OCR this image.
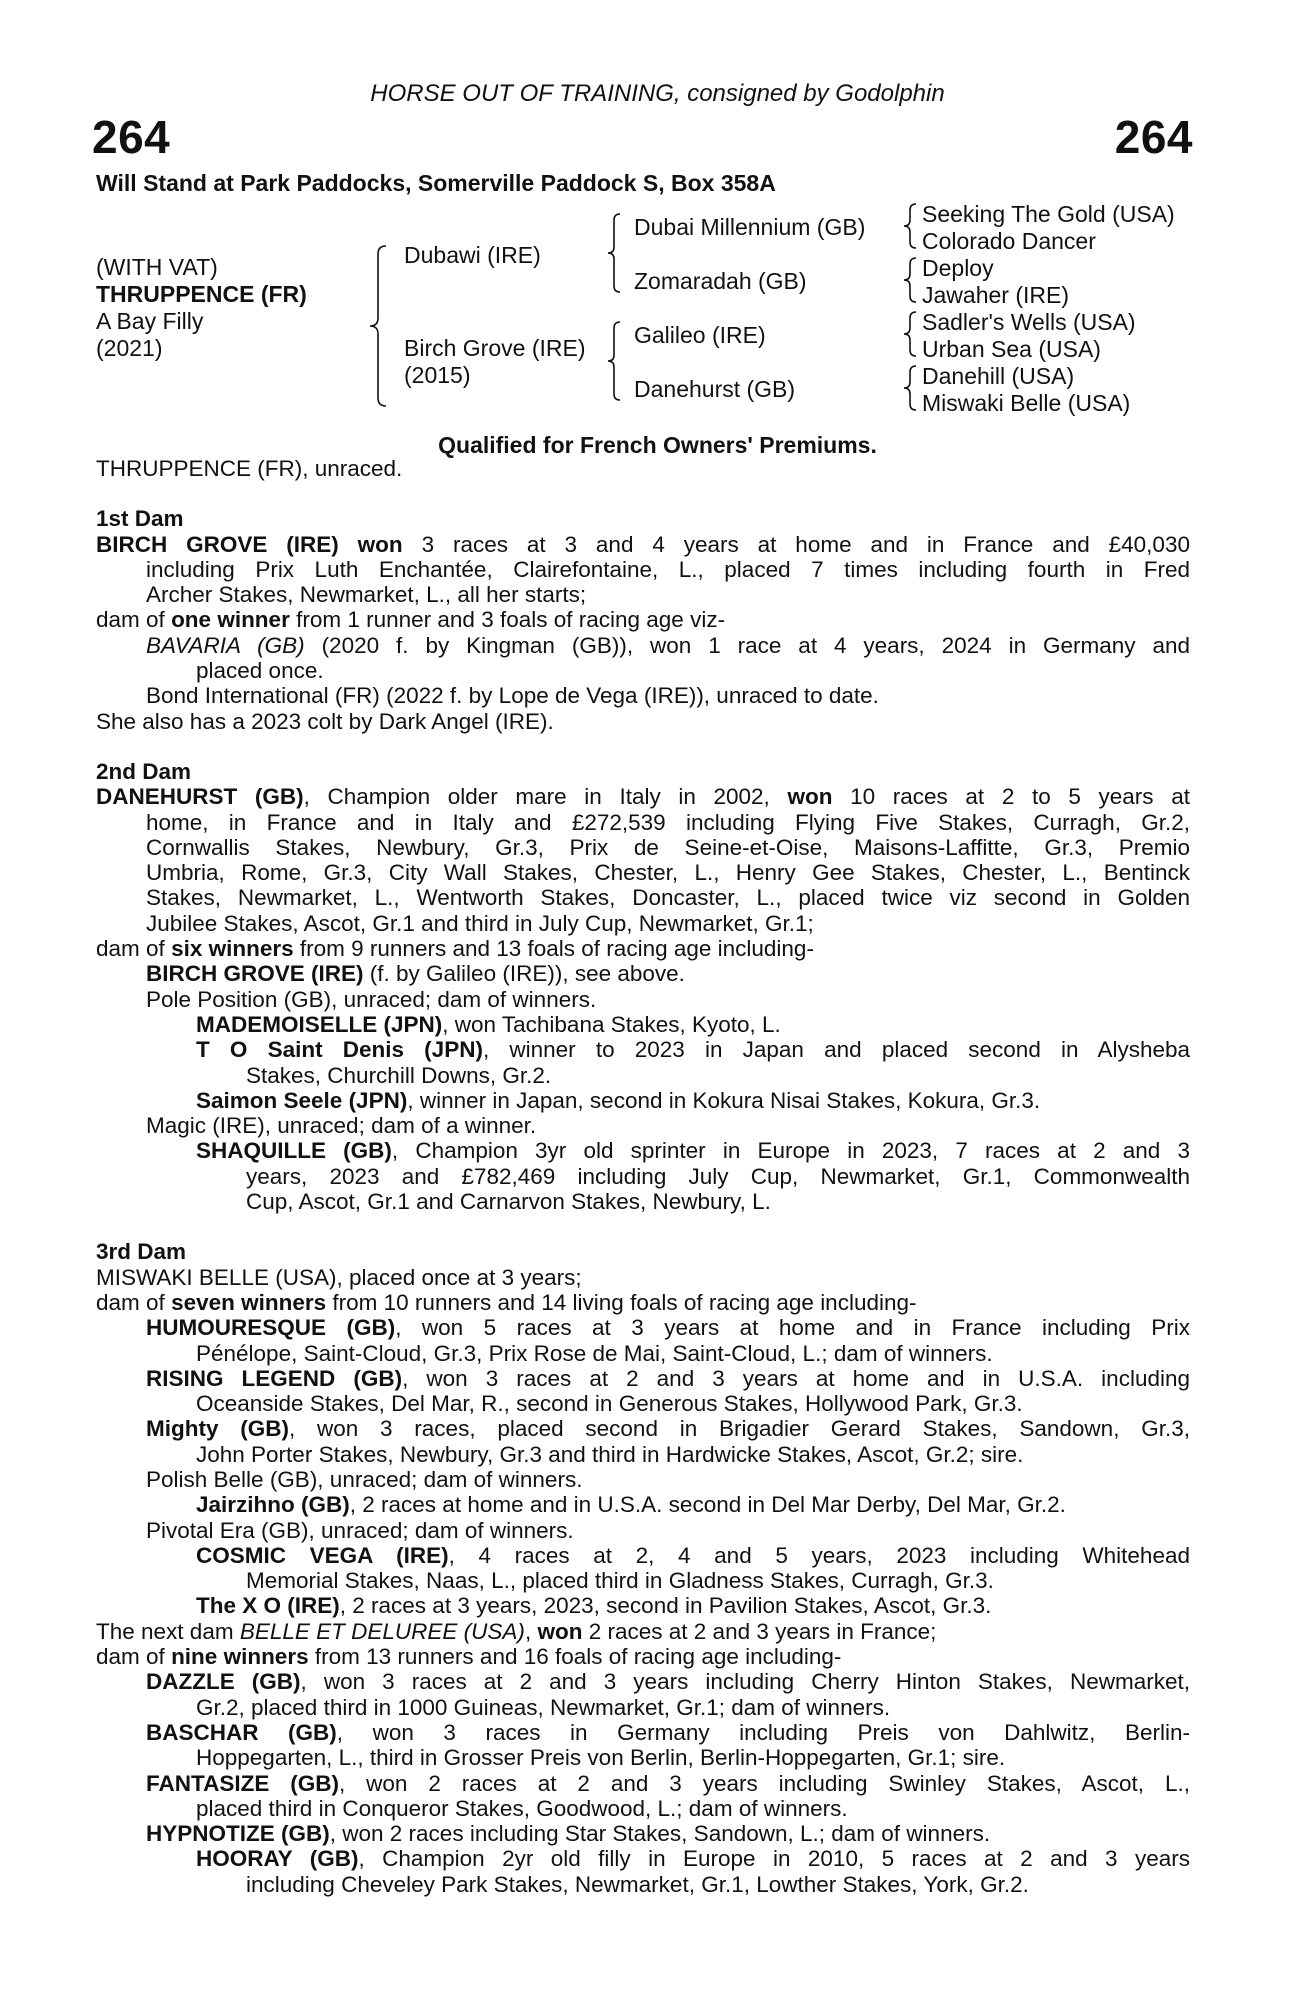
HORSE OUT OF TRAINING, consigned by Godolphin
264	264
Will Stand at Park Paddocks, Somerville Paddock S, Box 358A
(WITH VAT)
THRUPPENCE (FR)
A Bay Filly
(2021)
Dubawi (IRE)
Birch Grove (IRE)
(2015)
Dubai Millennium (GB)
Zomaradah (GB)
Galileo (IRE)
Danehurst (GB)
Seeking The Gold (USA)
Colorado Dancer
Deploy
Jawaher (IRE)
Sadler's Wells (USA)
Urban Sea (USA)
Danehill (USA)
Miswaki Belle (USA)
Qualified for French Owners' Premiums.
THRUPPENCE (FR), unraced.
1st Dam
BIRCH GROVE (IRE) won 3 races at 3 and 4 years at home and in France and £40,030
including Prix Luth Enchantée, Clairefontaine, L., placed 7 times including fourth in Fred
Archer Stakes, Newmarket, L., all her starts;
dam of one winner from 1 runner and 3 foals of racing age viz-
BAVARIA (GB) (2020 f. by Kingman (GB)), won 1 race at 4 years, 2024 in Germany and
placed once.
Bond International (FR) (2022 f. by Lope de Vega (IRE)), unraced to date.
She also has a 2023 colt by Dark Angel (IRE).
2nd Dam
DANEHURST (GB), Champion older mare in Italy in 2002, won 10 races at 2 to 5 years at
home, in France and in Italy and £272,539 including Flying Five Stakes, Curragh, Gr.2,
Cornwallis Stakes, Newbury, Gr.3, Prix de Seine-et-Oise, Maisons-Laffitte, Gr.3, Premio
Umbria, Rome, Gr.3, City Wall Stakes, Chester, L., Henry Gee Stakes, Chester, L., Bentinck
Stakes, Newmarket, L., Wentworth Stakes, Doncaster, L., placed twice viz second in Golden
Jubilee Stakes, Ascot, Gr.1 and third in July Cup, Newmarket, Gr.1;
dam of six winners from 9 runners and 13 foals of racing age including-
BIRCH GROVE (IRE) (f. by Galileo (IRE)), see above.
Pole Position (GB), unraced; dam of winners.
MADEMOISELLE (JPN), won Tachibana Stakes, Kyoto, L.
T O Saint Denis (JPN), winner to 2023 in Japan and placed second in Alysheba
Stakes, Churchill Downs, Gr.2.
Saimon Seele (JPN), winner in Japan, second in Kokura Nisai Stakes, Kokura, Gr.3.
Magic (IRE), unraced; dam of a winner.
SHAQUILLE (GB), Champion 3yr old sprinter in Europe in 2023, 7 races at 2 and 3
years, 2023 and £782,469 including July Cup, Newmarket, Gr.1, Commonwealth
Cup, Ascot, Gr.1 and Carnarvon Stakes, Newbury, L.
3rd Dam
MISWAKI BELLE (USA), placed once at 3 years;
dam of seven winners from 10 runners and 14 living foals of racing age including-
HUMOURESQUE (GB), won 5 races at 3 years at home and in France including Prix
Pénélope, Saint-Cloud, Gr.3, Prix Rose de Mai, Saint-Cloud, L.; dam of winners.
RISING LEGEND (GB), won 3 races at 2 and 3 years at home and in U.S.A. including
Oceanside Stakes, Del Mar, R., second in Generous Stakes, Hollywood Park, Gr.3.
Mighty (GB), won 3 races, placed second in Brigadier Gerard Stakes, Sandown, Gr.3,
John Porter Stakes, Newbury, Gr.3 and third in Hardwicke Stakes, Ascot, Gr.2; sire.
Polish Belle (GB), unraced; dam of winners.
Jairzihno (GB), 2 races at home and in U.S.A. second in Del Mar Derby, Del Mar, Gr.2.
Pivotal Era (GB), unraced; dam of winners.
COSMIC VEGA (IRE), 4 races at 2, 4 and 5 years, 2023 including Whitehead
Memorial Stakes, Naas, L., placed third in Gladness Stakes, Curragh, Gr.3.
The X O (IRE), 2 races at 3 years, 2023, second in Pavilion Stakes, Ascot, Gr.3.
The next dam BELLE ET DELUREE (USA), won 2 races at 2 and 3 years in France;
dam of nine winners from 13 runners and 16 foals of racing age including-
DAZZLE (GB), won 3 races at 2 and 3 years including Cherry Hinton Stakes, Newmarket,
Gr.2, placed third in 1000 Guineas, Newmarket, Gr.1; dam of winners.
BASCHAR (GB), won 3 races in Germany including Preis von Dahlwitz, Berlin-
Hoppegarten, L., third in Grosser Preis von Berlin, Berlin-Hoppegarten, Gr.1; sire.
FANTASIZE (GB), won 2 races at 2 and 3 years including Swinley Stakes, Ascot, L.,
placed third in Conqueror Stakes, Goodwood, L.; dam of winners.
HYPNOTIZE (GB), won 2 races including Star Stakes, Sandown, L.; dam of winners.
HOORAY (GB), Champion 2yr old filly in Europe in 2010, 5 races at 2 and 3 years
including Cheveley Park Stakes, Newmarket, Gr.1, Lowther Stakes, York, Gr.2.
